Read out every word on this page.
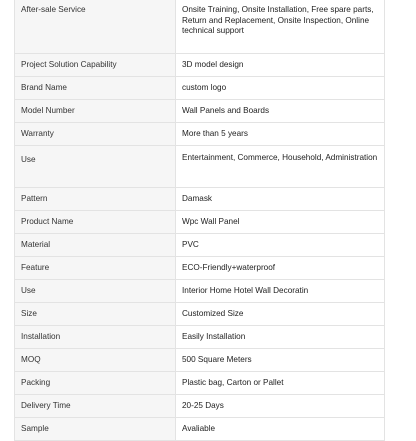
After-sale Service	Onsite Training, Onsite Installation, Free spare parts, Return and Replacement, Onsite Inspection, Online technical support
Project Solution Capability	3D model design
Brand Name	custom logo
Model Number	Wall Panels and Boards
Warranty	More than 5 years
Use	Entertainment, Commerce, Household, Administration
Pattern	Damask
Product Name	Wpc Wall Panel
Material	PVC
Feature	ECO-Friendly+waterproof
Use	Interior Home Hotel Wall Decoratin
Size	Customized Size
Installation	Easily Installation
MOQ	500 Square Meters
Packing	Plastic bag, Carton or Pallet
Delivery Time	20-25 Days
Sample	Avaliable
